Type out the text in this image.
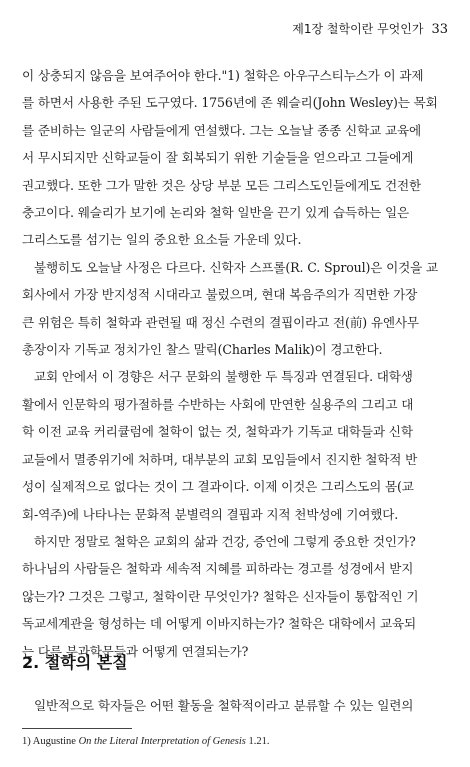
제1장 철학이란 무엇인가 33
이 상충되지 않음을 보여주어야 한다."1) 철학은 아우구스티누스가 이 과제
를 하면서 사용한 주된 도구였다. 1756년에 존 웨슬리(John Wesley)는 목회
를 준비하는 일군의 사람들에게 연설했다. 그는 오늘날 종종 신학교 교육에
서 무시되지만 신학교들이 잘 회복되기 위한 기술들을 얻으라고 그들에게
권고했다. 또한 그가 말한 것은 상당 부분 모든 그리스도인들에게도 건전한
충고이다. 웨슬리가 보기에 논리와 철학 일반을 끈기 있게 습득하는 일은
그리스도를 섬기는 일의 중요한 요소들 가운데 있다.
불행히도 오늘날 사정은 다르다. 신학자 스프롤(R. C. Sproul)은 이것을 교
회사에서 가장 반지성적 시대라고 불렀으며, 현대 복음주의가 직면한 가장
큰 위험은 특히 철학과 관련될 때 정신 수련의 결핍이라고 전(前) 유엔사무
총장이자 기독교 정치가인 찰스 말릭(Charles Malik)이 경고한다.
교회 안에서 이 경향은 서구 문화의 불행한 두 특징과 연결된다. 대학생
활에서 인문학의 평가절하를 수반하는 사회에 만연한 실용주의 그리고 대
학 이전 교육 커리큘럼에 철학이 없는 것, 철학과가 기독교 대학들과 신학
교들에서 멸종위기에 처하며, 대부분의 교회 모임들에서 진지한 철학적 반
성이 실제적으로 없다는 것이 그 결과이다. 이제 이것은 그리스도의 몸(교
회-역주)에 나타나는 문화적 분별력의 결핍과 지적 천박성에 기여했다.
하지만 정말로 철학은 교회의 삶과 건강, 증언에 그렇게 중요한 것인가?
하나님의 사람들은 철학과 세속적 지혜를 피하라는 경고를 성경에서 받지
않는가? 그것은 그렇고, 철학이란 무엇인가? 철학은 신자들이 통합적인 기
독교세계관을 형성하는 데 어떻게 이바지하는가? 철학은 대학에서 교육되
는 다른 분과학문들과 어떻게 연결되는가?
2. 철학의 본질
일반적으로 학자들은 어떤 활동을 철학적이라고 분류할 수 있는 일련의
1) Augustine On the Literal Interpretation of Genesis 1.21.
